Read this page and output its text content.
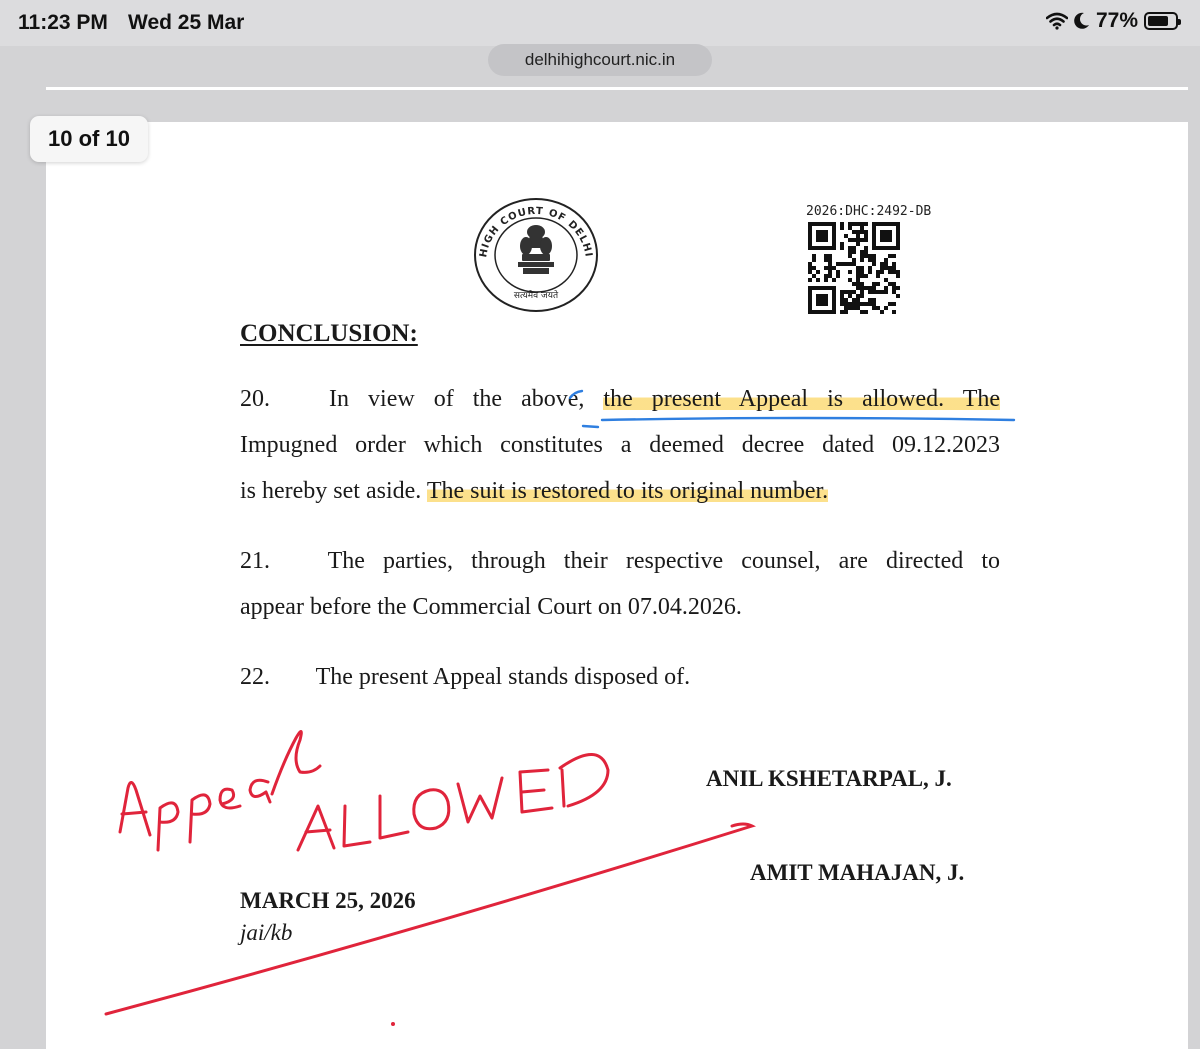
11:23 PM Wed 25 Mar	77%
delhihighcourt.nic.in
10 of 10
HIGH COURT OF DELHI
सत्यमेव जयते
2026:DHC:2492-DB
CONCLUSION:
20. In view of the above, the present Appeal is allowed. The
Impugned order which constitutes a deemed decree dated 09.12.2023
is hereby set aside. The suit is restored to its original number.
21. The parties, through their respective counsel, are directed to
appear before the Commercial Court on 07.04.2026.
22. The present Appeal stands disposed of.
ANIL KSHETARPAL, J.
AMIT MAHAJAN, J.
MARCH 25, 2026
jai/kb
